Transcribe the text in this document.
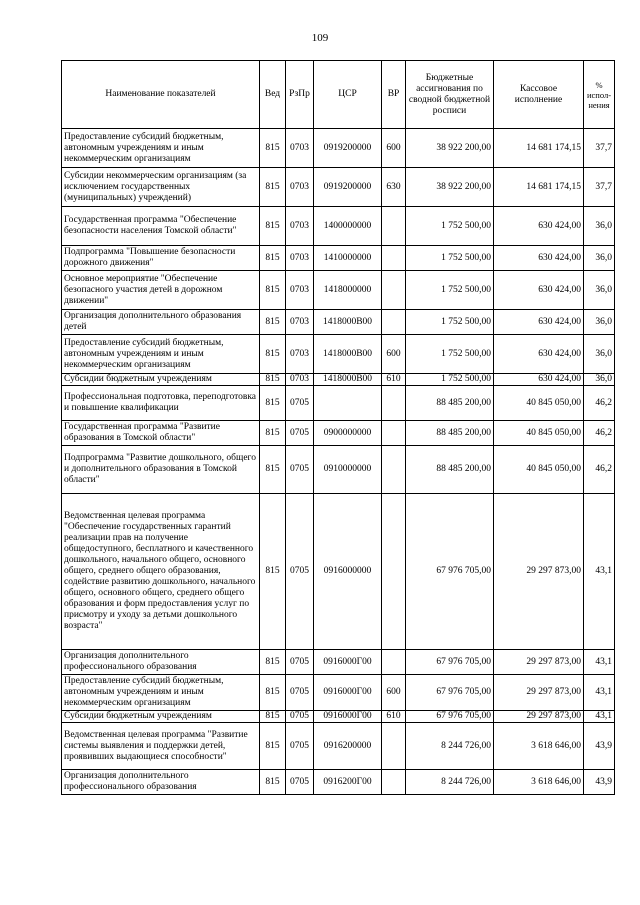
109
Наименование показателей	Вед	РзПр	ЦСР	ВР	Бюджетные ассигнования по сводной бюджетной росписи	Кассовое исполнение	% испол-нения
Предоставление субсидий бюджетным, автономным учреждениям и иным некоммерческим организациям	815	0703	0919200000	600	38 922 200,00	14 681 174,15	37,7
Субсидии некоммерческим организациям (за исключением государственных (муниципальных) учреждений)	815	0703	0919200000	630	38 922 200,00	14 681 174,15	37,7
Государственная программа "Обеспечение безопасности населения Томской области"	815	0703	1400000000		1 752 500,00	630 424,00	36,0
Подпрограмма "Повышение безопасности дорожного движения"	815	0703	1410000000		1 752 500,00	630 424,00	36,0
Основное мероприятие "Обеспечение безопасного участия детей в дорожном движении"	815	0703	1418000000		1 752 500,00	630 424,00	36,0
Организация дополнительного образования детей	815	0703	1418000В00		1 752 500,00	630 424,00	36,0
Предоставление субсидий бюджетным, автономным учреждениям и иным некоммерческим организациям	815	0703	1418000В00	600	1 752 500,00	630 424,00	36,0
Субсидии бюджетным учреждениям	815	0703	1418000В00	610	1 752 500,00	630 424,00	36,0
Профессиональная подготовка, переподготовка и повышение квалификации	815	0705			88 485 200,00	40 845 050,00	46,2
Государственная программа "Развитие образования в Томской области"	815	0705	0900000000		88 485 200,00	40 845 050,00	46,2
Подпрограмма "Развитие дошкольного, общего и дополнительного образования в Томской области"	815	0705	0910000000		88 485 200,00	40 845 050,00	46,2
Ведомственная целевая программа "Обеспечение государственных гарантий реализации прав на получение общедоступного, бесплатного и качественного дошкольного, начального общего, основного общего, среднего общего образования, содействие развитию дошкольного, начального общего, основного общего, среднего общего образования и форм предоставления услуг по присмотру и уходу за детьми дошкольного возраста"	815	0705	0916000000		67 976 705,00	29 297 873,00	43,1
Организация дополнительного профессионального образования	815	0705	0916000Г00		67 976 705,00	29 297 873,00	43,1
Предоставление субсидий бюджетным, автономным учреждениям и иным некоммерческим организациям	815	0705	0916000Г00	600	67 976 705,00	29 297 873,00	43,1
Субсидии бюджетным учреждениям	815	0705	0916000Г00	610	67 976 705,00	29 297 873,00	43,1
Ведомственная целевая программа "Развитие системы выявления и поддержки детей, проявивших выдающиеся способности"	815	0705	0916200000		8 244 726,00	3 618 646,00	43,9
Организация дополнительного профессионального образования	815	0705	0916200Г00		8 244 726,00	3 618 646,00	43,9
